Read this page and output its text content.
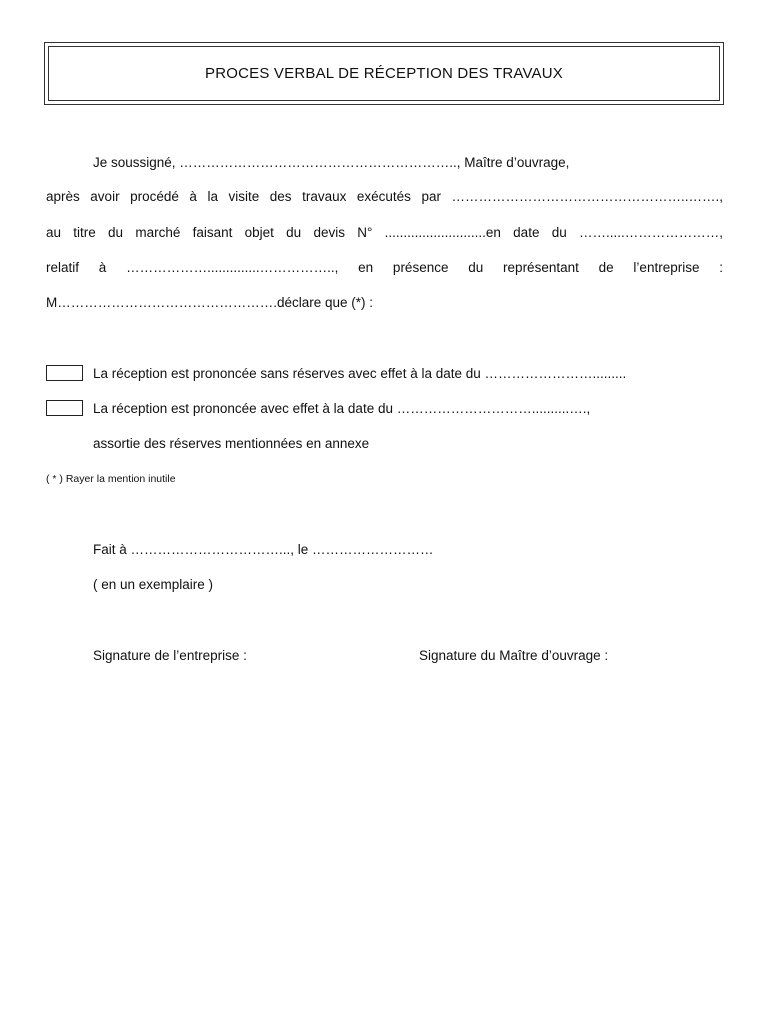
PROCES VERBAL DE RÉCEPTION DES TRAVAUX
Je soussigné, …………………………………………………….., Maître d’ouvrage,
après avoir procédé à la visite des travaux exécutés par ……………………………………………..…….,
au titre du marché faisant objet du devis N° ...........................en date du …….....…………………,
relatif à ………………..............…………….., en présence du représentant de l’entreprise :
M………………………………………….déclare que (*) :
La réception est prononcée sans réserves avec effet à la date du …………………….........
La réception est prononcée avec effet à la date du …………………………..........….,
assortie des réserves mentionnées en annexe
( * ) Rayer la mention inutile
Fait à ……………………………..., le ………………………
( en un exemplaire )
Signature de l’entreprise :	Signature du Maître d’ouvrage :
